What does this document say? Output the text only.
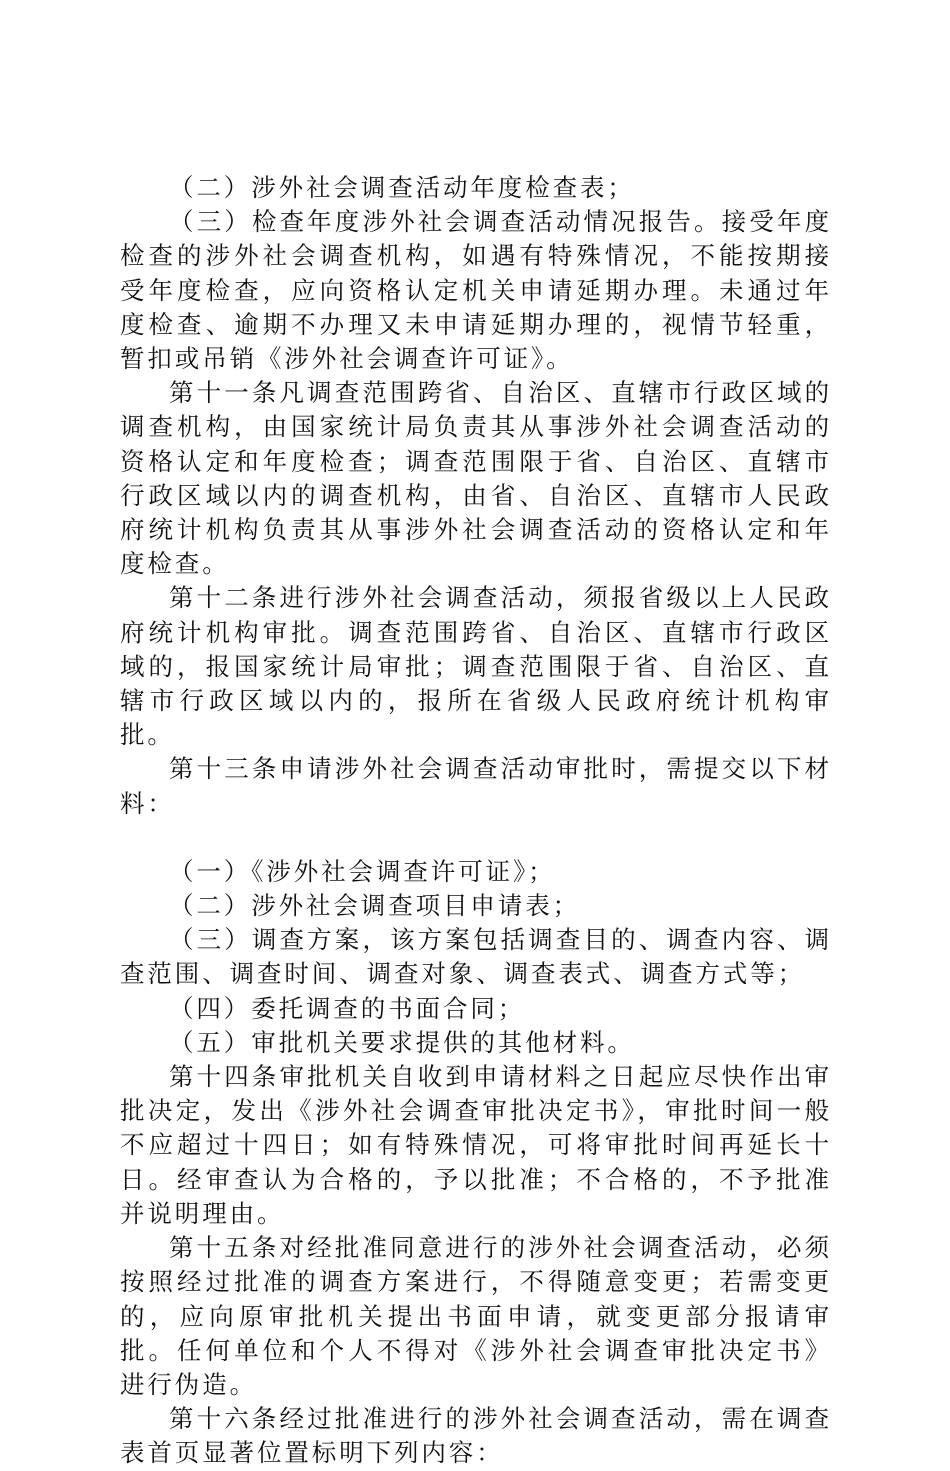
（二）涉外社会调查活动年度检查表；

（三）检查年度涉外社会调查活动情况报告。接受年度检查的涉外社会调查机构，如遇有特殊情况，不能按期接受年度检查，应向资格认定机关申请延期办理。未通过年度检查、逾期不办理又未申请延期办理的，视情节轻重，暂扣或吊销《涉外社会调查许可证》。

第十一条凡调查范围跨省、自治区、直辖市行政区域的调查机构，由国家统计局负责其从事涉外社会调查活动的资格认定和年度检查；调查范围限于省、自治区、直辖市行政区域以内的调查机构，由省、自治区、直辖市人民政府统计机构负责其从事涉外社会调查活动的资格认定和年度检查。

第十二条进行涉外社会调查活动，须报省级以上人民政府统计机构审批。调查范围跨省、自治区、直辖市行政区域的，报国家统计局审批；调查范围限于省、自治区、直辖市行政区域以内的，报所在省级人民政府统计机构审批。

第十三条申请涉外社会调查活动审批时，需提交以下材料：

（一）《涉外社会调查许可证》；

（二）涉外社会调查项目申请表；

（三）调查方案，该方案包括调查目的、调查内容、调查范围、调查时间、调查对象、调查表式、调查方式等；

（四）委托调查的书面合同；

（五）审批机关要求提供的其他材料。

第十四条审批机关自收到申请材料之日起应尽快作出审批决定，发出《涉外社会调查审批决定书》，审批时间一般不应超过十四日；如有特殊情况，可将审批时间再延长十日。经审查认为合格的，予以批准；不合格的，不予批准并说明理由。

第十五条对经批准同意进行的涉外社会调查活动，必须按照经过批准的调查方案进行，不得随意变更；若需变更的，应向原审批机关提出书面申请，就变更部分报请审批。任何单位和个人不得对《涉外社会调查审批决定书》进行伪造。

第十六条经过批准进行的涉外社会调查活动，需在调查表首页显著位置标明下列内容：
